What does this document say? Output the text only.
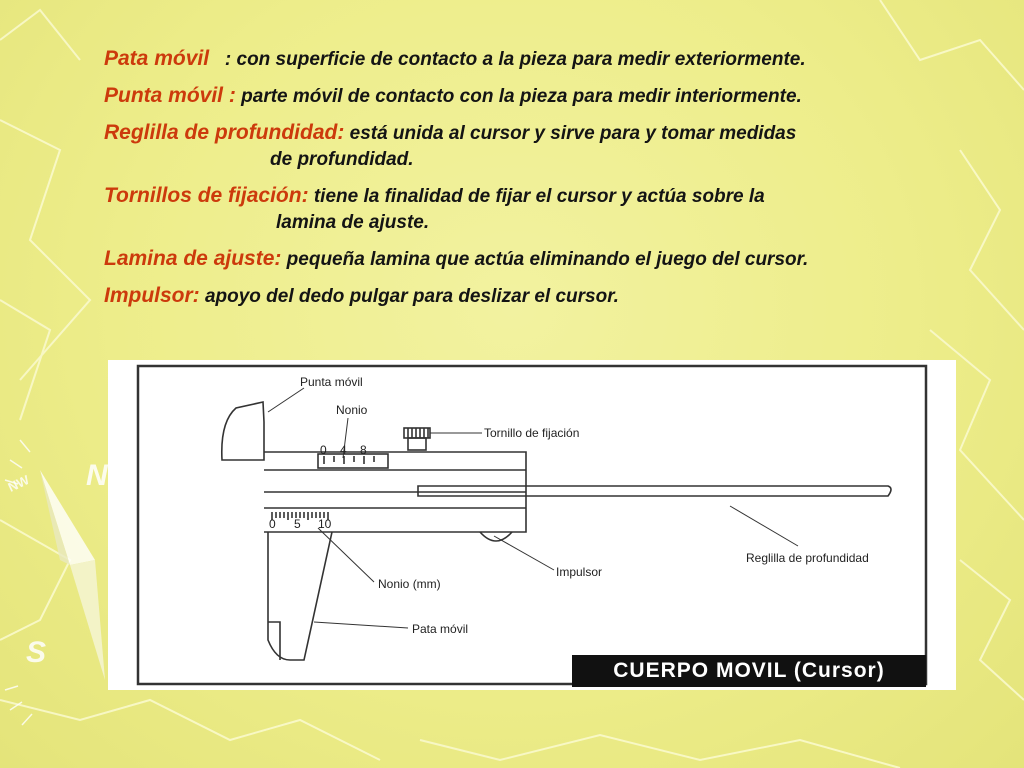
N
S
NW
Pata móvil : con superficie de contacto a la pieza para medir exteriormente.
Punta móvil : parte móvil de contacto con la pieza para medir interiormente.
Reglilla de profundidad: está unida al cursor y sirve para y tomar medidas
de profundidad.
Tornillos de fijación: tiene la finalidad de fijar el cursor y actúa sobre la
lamina de ajuste.
Lamina de ajuste: pequeña lamina que actúa eliminando el juego del cursor.
Impulsor: apoyo del dedo pulgar para deslizar el cursor.
0 4 8
0 5 10
Punta móvil
Nonio
Tornillo de fijación
Reglilla de profundidad
Impulsor
Nonio (mm)
Pata móvil
CUERPO MOVIL (Cursor)
